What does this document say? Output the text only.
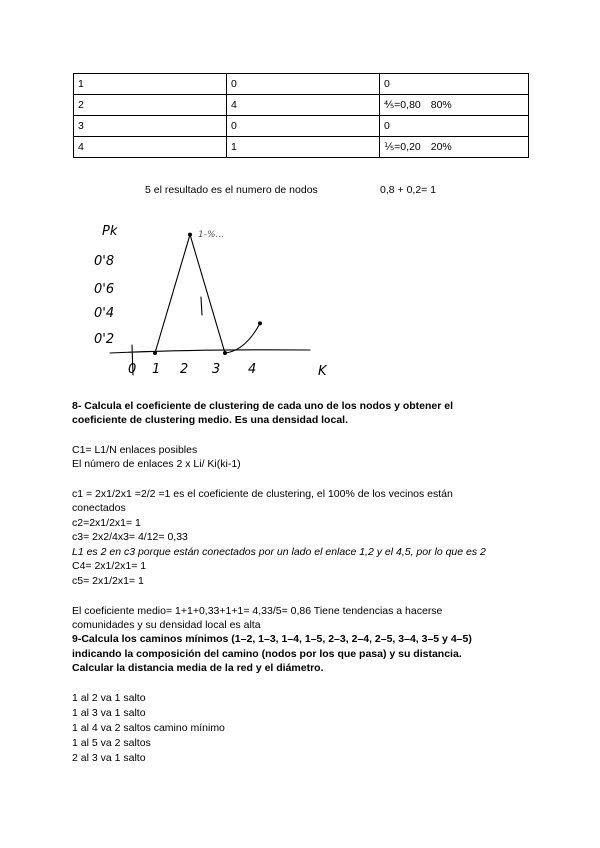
1	0	0
2	4	⅘=0,80 80%
3	0	0
4	1	⅕=0,20 20%
5 el resultado es el numero de nodos	0,8 + 0,2= 1
Pk
0'8
0'6
0'4
0'2
0 1 2 3 4	K
1-%...
8- Calcula el coeficiente de clustering de cada uno de los nodos y obtener el
coeficiente de clustering medio. Es una densidad local.
C1= L1/N enlaces posibles
El número de enlaces 2 x Li/ Ki(ki-1)
c1 = 2x1/2x1 =2/2 =1 es el coeficiente de clustering, el 100% de los vecinos están
conectados
c2=2x1/2x1= 1
c3= 2x2/4x3= 4/12= 0,33
L1 es 2 en c3 porque están conectados por un lado el enlace 1,2 y el 4,5, por lo que es 2
C4= 2x1/2x1= 1
c5= 2x1/2x1= 1
El coeficiente medio= 1+1+0,33+1+1= 4,33/5= 0,86 Tiene tendencias a hacerse
comunidades y su densidad local es alta
9-Calcula los caminos mínimos (1–2, 1–3, 1–4, 1–5, 2–3, 2–4, 2–5, 3–4, 3–5 y 4–5)
indicando la composición del camino (nodos por los que pasa) y su distancia.
Calcular la distancia media de la red y el diámetro.
1 al 2 va 1 salto
1 al 3 va 1 salto
1 al 4 va 2 saltos camino mínimo
1 al 5 va 2 saltos
2 al 3 va 1 salto
